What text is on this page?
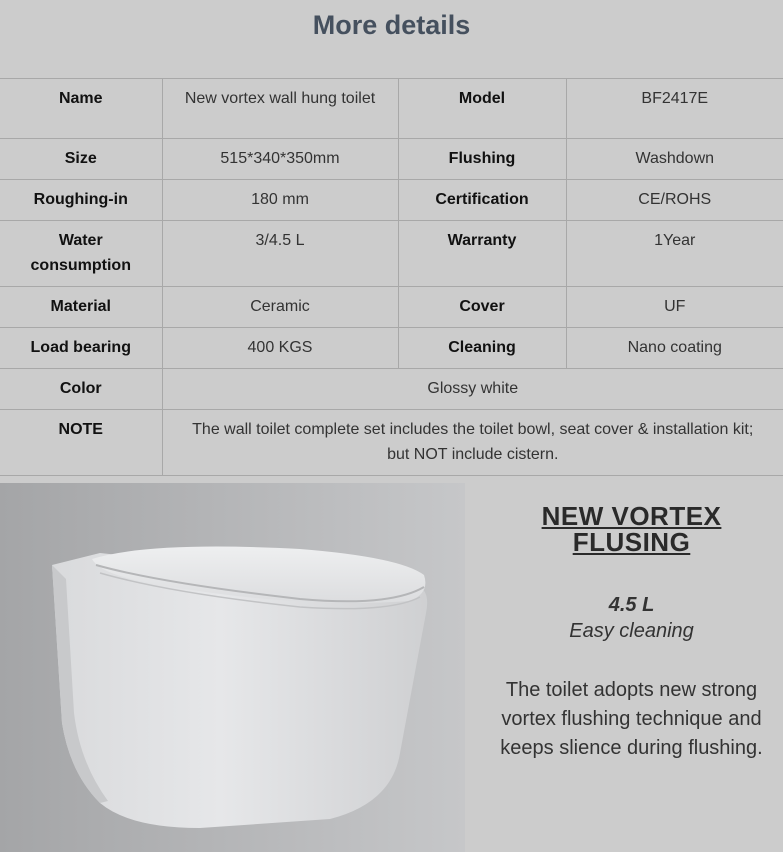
More details
Name	New vortex wall hung toilet	Model	BF2417E
Size	515*340*350mm	Flushing	Washdown
Roughing-in	180 mm	Certification	CE/ROHS
Water consumption	3/4.5 L	Warranty	1Year
Material	Ceramic	Cover	UF
Load bearing	400 KGS	Cleaning	Nano coating
Color	Glossy white		
NOTE	The wall toilet complete set includes the toilet bowl, seat cover & installation kit;
but NOT include cistern.		
NEW VORTEX FLUSING
4.5 L
Easy cleaning
The toilet adopts new strong vortex flushing technique and keeps slience during flushing.
